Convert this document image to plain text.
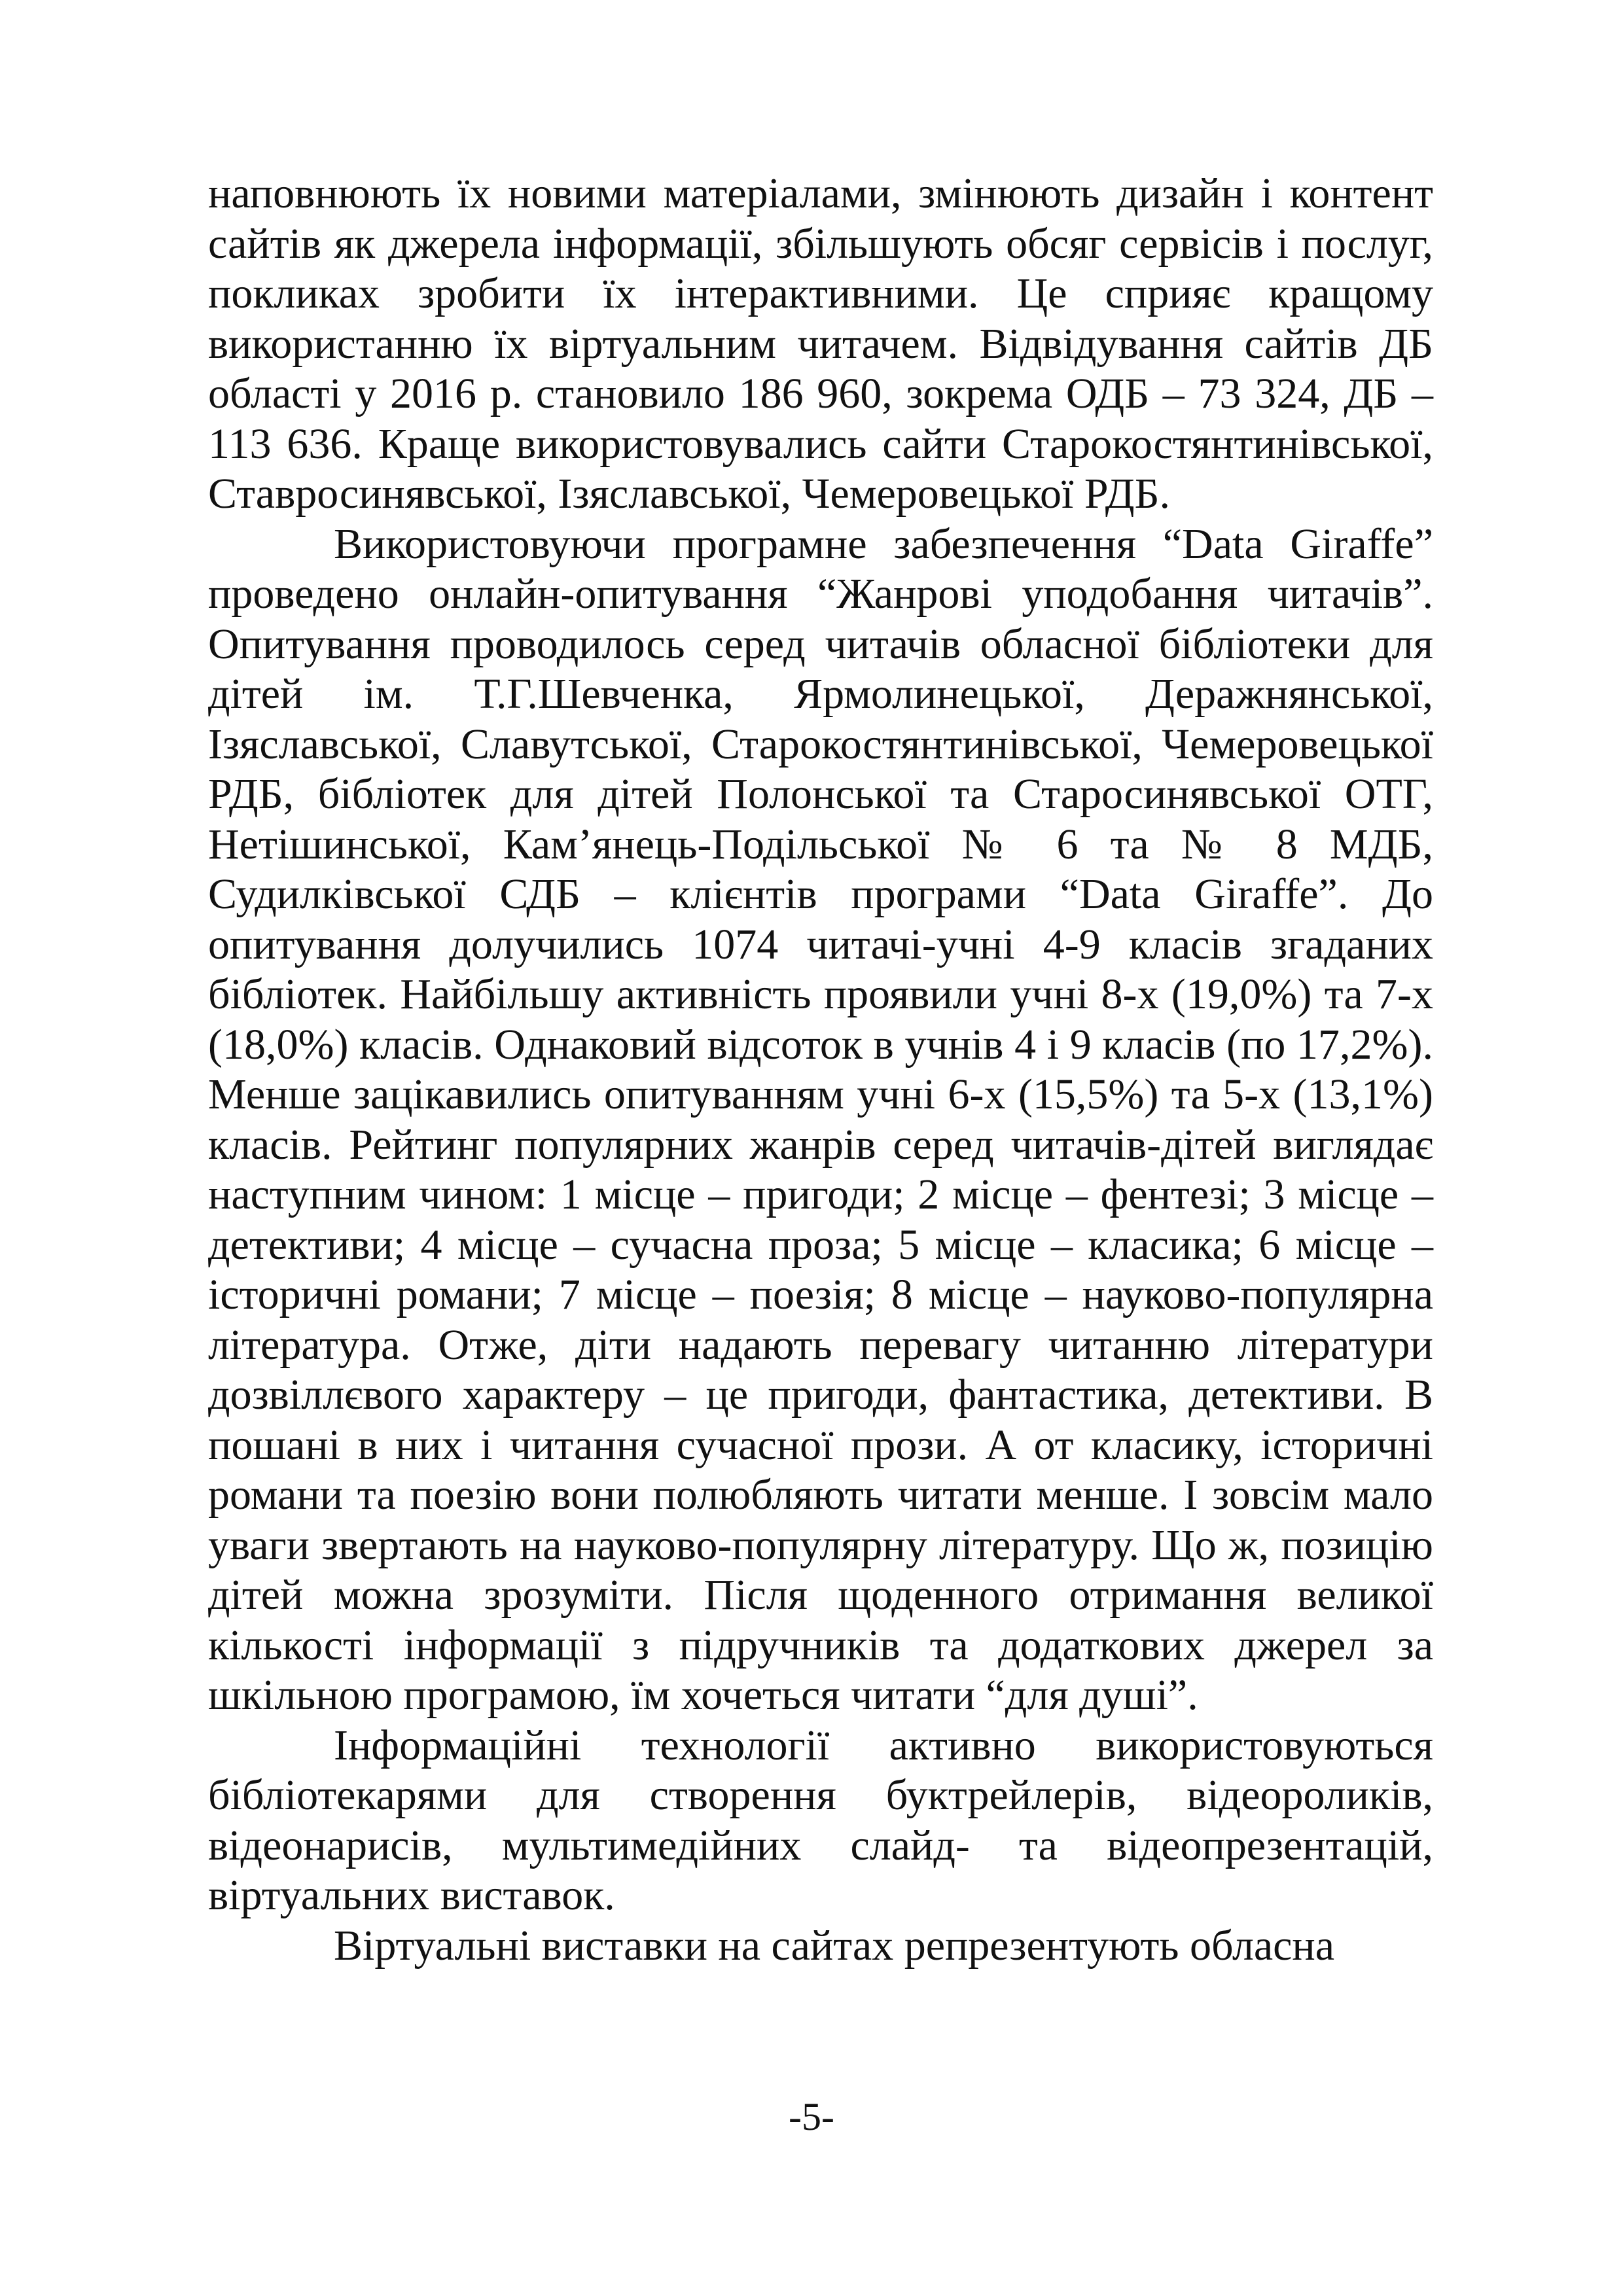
наповнюють їх новими матеріалами, змінюють дизайн і контент сайтів як джерела інформації, збільшують обсяг сервісів і послуг, покликах зробити їх інтерактивними. Це сприяє кращому використанню їх віртуальним читачем. Відвідування сайтів ДБ області у 2016 р. становило 186 960, зокрема ОДБ – 73 324, ДБ – 113 636. Краще використовувались сайти Старокостянтинівської, Ставросинявської, Ізяславської, Чемеровецької РДБ.

Використовуючи програмне забезпечення “Data Giraffe” проведено онлайн-опитування “Жанрові уподобання читачів”. Опитування проводилось серед читачів обласної бібліотеки для дітей ім. Т.Г.Шевченка, Ярмолинецької, Деражнянської, Ізяславської, Славутської, Старокостянтинівської, Чемеровецької РДБ, бібліотек для дітей Полонської та Старосинявської ОТГ, Нетішинської, Кам’янець-Подільської № 6 та № 8 МДБ, Судилківської СДБ – клієнтів програми “Data Giraffe”. До опитування долучились 1074 читачі-учні 4-9 класів згаданих бібліотек. Найбільшу активність проявили учні 8-х (19,0%) та 7-х (18,0%) класів. Однаковий відсоток в учнів 4 і 9 класів (по 17,2%). Менше зацікавились опитуванням учні 6-х (15,5%) та 5-х (13,1%) класів. Рейтинг популярних жанрів серед читачів-дітей виглядає наступним чином: 1 місце – пригоди; 2 місце – фентезі; 3 місце – детективи; 4 місце – сучасна проза; 5 місце – класика; 6 місце – історичні романи; 7 місце – поезія; 8 місце – науково-популярна література. Отже, діти надають перевагу читанню літератури дозвіллєвого характеру – це пригоди, фантастика, детективи. В пошані в них і читання сучасної прози. А от класику, історичні романи та поезію вони полюбляють читати менше. І зовсім мало уваги звертають на науково-популярну літературу. Що ж, позицію дітей можна зрозуміти. Після щоденного отримання великої кількості інформації з підручників та додаткових джерел за шкільною програмою, їм хочеться читати “для душі”.

Інформаційні технології активно використовуються бібліотекарями для створення буктрейлерів, відеороликів, відеонарисів, мультимедійних слайд- та відеопрезентацій, віртуальних виставок.

Віртуальні виставки на сайтах репрезентують обласна

-5-
